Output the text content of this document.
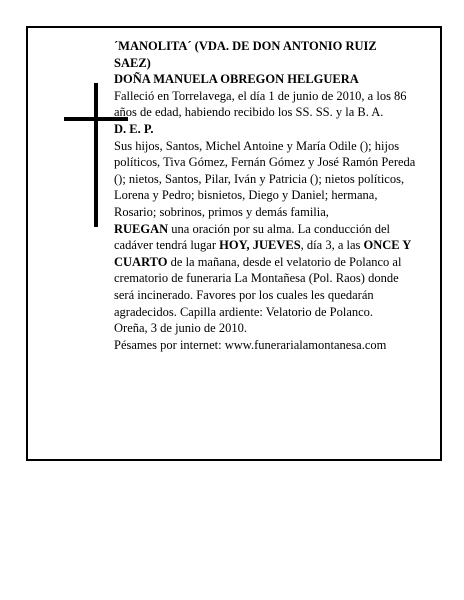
´MANOLITA´ (VDA. DE DON ANTONIO RUIZ SAEZ)

DOÑA MANUELA OBREGON HELGUERA

Falleció en Torrelavega, el día 1 de junio de 2010, a los 86 años de edad, habiendo recibido los SS. SS. y la B. A.

D. E. P.

Sus hijos, Santos, Michel Antoine y María Odile (); hijos políticos, Tiva Gómez, Fernán Gómez y José Ramón Pereda (); nietos, Santos, Pilar, Iván y Patricia (); nietos políticos, Lorena y Pedro; bisnietos, Diego y Daniel; hermana, Rosario; sobrinos, primos y demás familia,

RUEGAN una oración por su alma. La conducción del cadáver tendrá lugar HOY, JUEVES, día 3, a las ONCE Y CUARTO de la mañana, desde el velatorio de Polanco al crematorio de funeraria La Montañesa (Pol. Raos) donde será incinerado. Favores por los cuales les quedarán agradecidos. Capilla ardiente: Velatorio de Polanco.

Oreña, 3 de junio de 2010.

Pésames por internet: www.funerarialamontanesa.com
